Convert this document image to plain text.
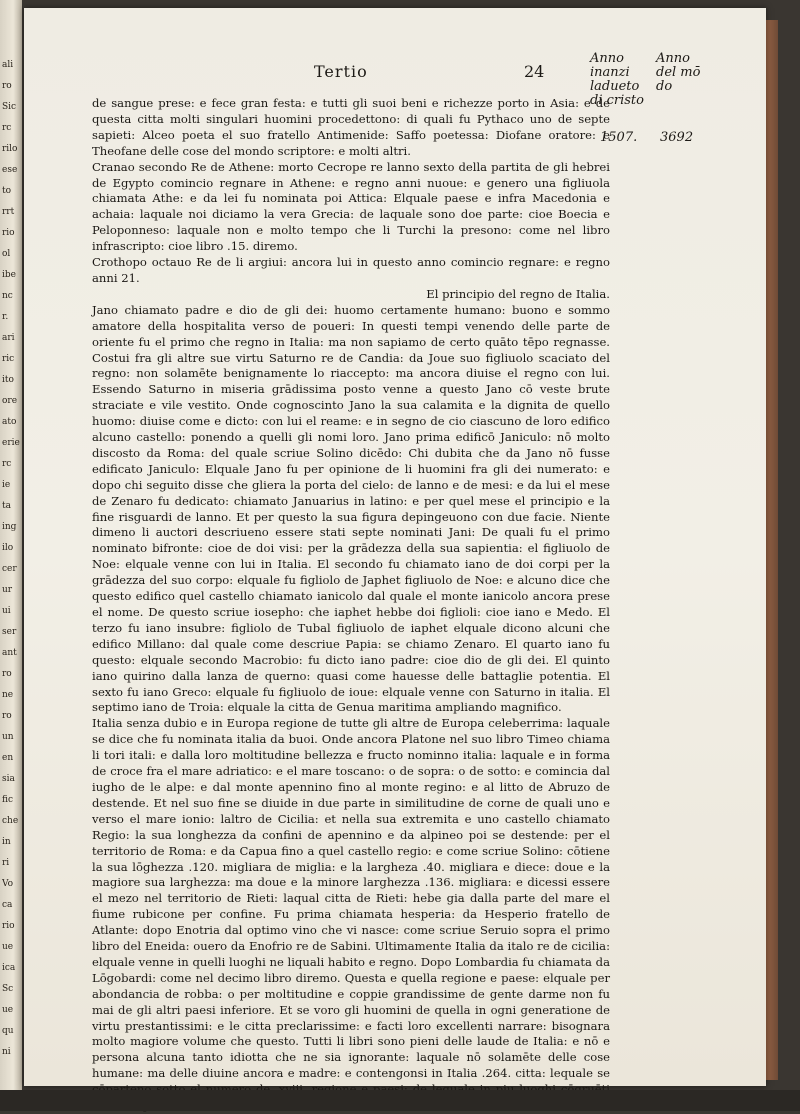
ali
ro
Sic
rc
rilo
ese
to
rrt
rio
ol
ibe
nc
r.
ari
ric
ito
ore
ato
erie
rc
ie
ta
ing
ilo
cer
ur
ui
ser
ant
ro
ne
ro
un
en
sia
fic
che
in
ri
Vo
ca
rio
ue
ica
Sc
ue
qu
ni
Tertio	24
Anno
inanzi
ladueto
di cristo
Anno
del mō
do
1507. 3692

de sangue prese: e fece gran festa: e tutti gli suoi beni e richezze porto in Asia: e de questa citta molti singulari huomini procedettono: di quali fu Pythaco uno de septe sapieti: Alceo poeta el suo fratello Antimenide: Saffo poetessa: Diofane oratore: e Theofane delle cose del mondo scriptore: e molti altri.

Cranao secondo Re de Athene: morto Cecrope re lanno sexto della partita de gli hebrei de Egypto comincio regnare in Athene: e regno anni nuoue: e genero una figliuola chiamata Athe: e da lei fu nominata poi Attica: Elquale paese e infra Macedonia e achaia: laquale noi diciamo la vera Grecia: de laquale sono doe parte: cioe Boecia e Peloponneso: laquale non e molto tempo che li Turchi la presono: come nel libro infrascripto: cioe libro .15. diremo.

Crothopo octauo Re de li argiui: ancora lui in questo anno comincio regnare: e regno anni 21.

El principio del regno de Italia.

Jano chiamato padre e dio de gli dei: huomo certamente humano: buono e sommo amatore della hospitalita verso de poueri: In questi tempi venendo delle parte de oriente fu el primo che regno in Italia: ma non sapiamo de certo quāto tēpo regnasse. Costui fra gli altre sue virtu Saturno re de Candia: da Joue suo figliuolo scaciato del regno: non solamēte benignamente lo riaccepto: ma ancora diuise el regno con lui. Essendo Saturno in miseria grādissima posto venne a questo Jano cō veste brute straciate e vile vestito. Onde cognoscinto Jano la sua calamita e la dignita de quello huomo: diuise come e dicto: con lui el reame: e in segno de cio ciascuno de loro edifico alcuno castello: ponendo a quelli gli nomi loro. Jano prima edificō Janiculo: nō molto discosto da Roma: del quale scriue Solino dicēdo: Chi dubita che da Jano nō fusse edificato Janiculo: Elquale Jano fu per opinione de li huomini fra gli dei numerato: e dopo chi seguito disse che gliera la porta del cielo: de lanno e de mesi: e da lui el mese de Zenaro fu dedicato: chiamato Januarius in latino: e per quel mese el principio e la fine risguardi de lanno. Et per questo la sua figura depingeuono con due facie. Niente dimeno li auctori descriueno essere stati septe nominati Jani: De quali fu el primo nominato bifronte: cioe de doi visi: per la grādezza della sua sapientia: el figliuolo de Noe: elquale venne con lui in Italia. El secondo fu chiamato iano de doi corpi per la grādezza del suo corpo: elquale fu figliolo de Japhet figliuolo de Noe: e alcuno dice che questo edifico quel castello chiamato ianicolo dal quale el monte ianicolo ancora prese el nome. De questo scriue iosepho: che iaphet hebbe doi figlioli: cioe iano e Medo. El terzo fu iano insubre: figliolo de Tubal figliuolo de iaphet elquale dicono alcuni che edifico Millano: dal quale come descriue Papia: se chiamo Zenaro. El quarto iano fu questo: elquale secondo Macrobio: fu dicto iano padre: cioe dio de gli dei. El quinto iano quirino dalla lanza de querno: quasi come hauesse delle battaglie potentia. El sexto fu iano Greco: elquale fu figliuolo de ioue: elquale venne con Saturno in italia. El septimo iano de Troia: elquale la citta de Genua maritima ampliando magnifico.

Italia senza dubio e in Europa regione de tutte gli altre de Europa celeberrima: laquale se dice che fu nominata italia da buoi. Onde ancora Platone nel suo libro Timeo chiama li tori itali: e dalla loro moltitudine bellezza e fructo nominno italia: laquale e in forma de croce fra el mare adriatico: e el mare toscano: o de sopra: o de sotto: e comincia dal iugho de le alpe: e dal monte apennino fino al monte regino: e al litto de Abruzo de destende. Et nel suo fine se diuide in due parte in similitudine de corne de quali uno e verso el mare ionio: laltro de Cicilia: et nella sua extremita e uno castello chiamato Regio: la sua longhezza da confini de apennino e da alpineo poi se destende: per el territorio de Roma: e da Capua fino a quel castello regio: e come scriue Solino: cōtiene la sua lōghezza .120. migliara de miglia: e la largheza .40. migliara e diece: doue e la magiore sua larghezza: ma doue e la minore larghezza .136. migliara: e dicessi essere el mezo nel territorio de Rieti: laqual citta de Rieti: hebe gia dalla parte del mare el fiume rubicone per confine. Fu prima chiamata hesperia: da Hesperio fratello de Atlante: dopo Enotria dal optimo vino che vi nasce: come scriue Seruio sopra el primo libro del Eneida: ouero da Enofrio re de Sabini. Ultimamente Italia da italo re de cicilia: elquale venne in quelli luoghi ne liquali habito e regno. Dopo Lombardia fu chiamata da Lōgobardi: come nel decimo libro diremo. Questa e quella regione e paese: elquale per abondancia de robba: o per moltitudine e coppie grandissime de gente darme non fu mai de gli altri paesi inferiore. Et se voro gli huomini de quella in ogni generatione de virtu prestantissimi: e le citta preclarissime: e facti loro excellenti narrare: bisognara molto magiore volume che questo. Tutti li libri sono pieni delle laude de Italia: e nō e persona alcuna tanto idiotta che ne sia ignorante: laquale nō solamēte delle cose humane: ma delle diuine ancora e madre: e contengonsi in Italia .264. citta: lequale se
